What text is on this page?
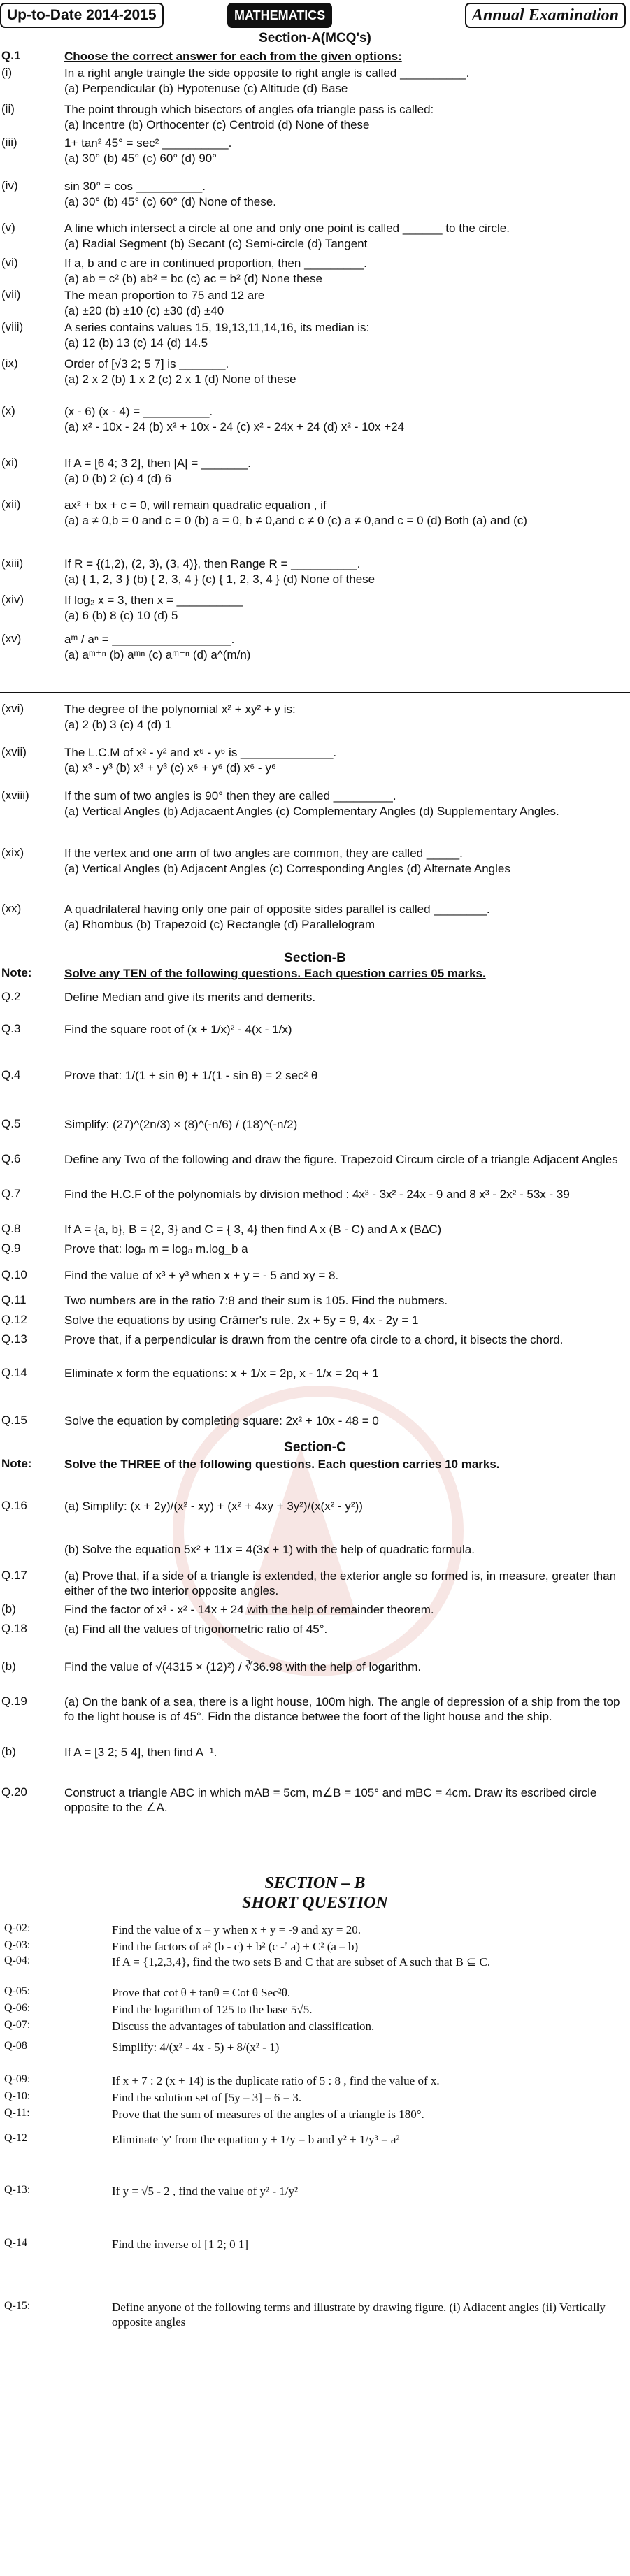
Up-to-Date 2014-2015	MATHEMATICS	Annual Examination
Section-A(MCQ's)
Q.1	Choose the correct answer for each from the given options:
(i)	In a right angle traingle the side opposite to right angle is called __________.
(a) Perpendicular (b) Hypotenuse (c) Altitude (d) Base
(ii)	The point through which bisectors of angles ofa triangle pass is called:
(a) Incentre (b) Orthocenter (c) Centroid (d) None of these
(iii)	1+ tan² 45° = sec² __________.
(a) 30° (b) 45° (c) 60° (d) 90°
(iv)	sin 30° = cos __________.
(a) 30° (b) 45° (c) 60° (d) None of these.
(v)	A line which intersect a circle at one and only one point is called ______ to the circle.
(a) Radial Segment (b) Secant (c) Semi-circle (d) Tangent
(vi)	If a, b and c are in continued proportion, then _________.
(a) ab = c² (b) ab² = bc (c) ac = b² (d) None these
(vii)	The mean proportion to 75 and 12 are
(a) ±20 (b) ±10 (c) ±30 (d) ±40
(viii)	A series contains values 15, 19,13,11,14,16, its median is:
(a) 12 (b) 13 (c) 14 (d) 14.5
(ix)	Order of [√3 2; 5 7] is _______.
(a) 2 x 2 (b) 1 x 2 (c) 2 x 1 (d) None of these
(x)	(x - 6) (x - 4) = __________.
(a) x² - 10x - 24 (b) x² + 10x - 24 (c) x² - 24x + 24 (d) x² - 10x +24
(xi)	If A = [6 4; 3 2], then |A| = _______.
(a) 0 (b) 2 (c) 4 (d) 6
(xii)	ax² + bx + c = 0, will remain quadratic equation , if
(a) a ≠ 0,b = 0 and c = 0 (b) a = 0, b ≠ 0,and c ≠ 0 (c) a ≠ 0,and c = 0 (d) Both (a) and (c)
(xiii)	If R = {(1,2), (2, 3), (3, 4)}, then Range R = __________.
(a) { 1, 2, 3 } (b) { 2, 3, 4 } (c) { 1, 2, 3, 4 } (d) None of these
(xiv)	If log₂ x = 3, then x = __________
(a) 6 (b) 8 (c) 10 (d) 5
(xv)	aᵐ / aⁿ = __________________.
(a) aᵐ⁺ⁿ (b) aᵐⁿ (c) aᵐ⁻ⁿ (d) a^(m/n)
(xvi)	The degree of the polynomial x² + xy² + y is:
(a) 2 (b) 3 (c) 4 (d) 1
(xvii)	The L.C.M of x² - y² and x⁶ - y⁶ is ______________.
(a) x³ - y³ (b) x³ + y³ (c) x⁶ + y⁶ (d) x⁶ - y⁶
(xviii)	If the sum of two angles is 90° then they are called _________.
(a) Vertical Angles (b) Adjacaent Angles (c) Complementary Angles (d) Supplementary Angles.
(xix)	If the vertex and one arm of two angles are common, they are called _____.
(a) Vertical Angles (b) Adjacent Angles (c) Corresponding Angles (d) Alternate Angles
(xx)	A quadrilateral having only one pair of opposite sides parallel is called ________.
(a) Rhombus (b) Trapezoid (c) Rectangle (d) Parallelogram
Section-B
Note:	Solve any TEN of the following questions. Each question carries 05 marks.
Q.2	Define Median and give its merits and demerits.
Q.3	Find the square root of (x + 1/x)² - 4(x - 1/x)
Q.4	Prove that: 1/(1 + sin θ) + 1/(1 - sin θ) = 2 sec² θ
Q.5	Simplify: (27)^(2n/3) × (8)^(-n/6) / (18)^(-n/2)
Q.6	Define any Two of the following and draw the figure. Trapezoid Circum circle of a triangle Adjacent Angles
Q.7	Find the H.C.F of the polynomials by division method : 4x³ - 3x² - 24x - 9 and 8 x³ - 2x² - 53x - 39
Q.8	If A = {a, b}, B = {2, 3} and C = { 3, 4} then find A x (B - C) and A x (B∆C)
Q.9	Prove that: logₐ m = logₐ m.log_b a
Q.10	Find the value of x³ + y³ when x + y = - 5 and xy = 8.
Q.11	Two numbers are in the ratio 7:8 and their sum is 105. Find the nubmers.
Q.12	Solve the equations by using Crāmer's rule. 2x + 5y = 9, 4x - 2y = 1
Q.13	Prove that, if a perpendicular is drawn from the centre ofa circle to a chord, it bisects the chord.
Q.14	Eliminate x form the equations: x + 1/x = 2p, x - 1/x = 2q + 1
Q.15	Solve the equation by completing square: 2x² + 10x - 48 = 0
Section-C
Note:	Solve the THREE of the following questions. Each question carries 10 marks.
Q.16	(a) Simplify: (x + 2y)/(x² - xy) + (x² + 4xy + 3y²)/(x(x² - y²))
(b) Solve the equation 5x² + 11x = 4(3x + 1) with the help of quadratic formula.
Q.17	(a) Prove that, if a side of a triangle is extended, the exterior angle so formed is, in measure, greater than either of the two interior opposite angles.
(b)	Find the factor of x³ - x² - 14x + 24 with the help of remainder theorem.
Q.18	(a) Find all the values of trigonometric ratio of 45°.
(b)	Find the value of √(4315 × (12)²) / ∛36.98 with the help of logarithm.
Q.19	(a) On the bank of a sea, there is a light house, 100m high. The angle of depression of a ship from the top fo the light house is of 45°. Fidn the distance betwee the foort of the light house and the ship.
(b)	If A = [3 2; 5 4], then find A⁻¹.
Q.20	Construct a triangle ABC in which mAB = 5cm, m∠B = 105° and mBC = 4cm. Draw its escribed circle opposite to the ∠A.
SECTION – B
SHORT QUESTION
Q-02:	Find the value of x – y when x + y = -9 and xy = 20.
Q-03:	Find the factors of a² (b - c) + b² (c -ª a) + C² (a – b)
Q-04:	If A = {1,2,3,4}, find the two sets B and C that are subset of A such that B ⊆ C.
Q-05:	Prove that cot θ + tanθ = Cot θ Sec²θ.
Q-06:	Find the logarithm of 125 to the base 5√5.
Q-07:	Discuss the advantages of tabulation and classification.
Q-08	Simplify: 4/(x² - 4x - 5) + 8/(x² - 1)
Q-09:	If x + 7 : 2 (x + 14) is the duplicate ratio of 5 : 8 , find the value of x.
Q-10:	Find the solution set of [5y – 3] – 6 = 3.
Q-11:	Prove that the sum of measures of the angles of a triangle is 180°.
Q-12	Eliminate 'y' from the equation y + 1/y = b and y² + 1/y³ = a²
Q-13:	If y = √5 - 2 , find the value of y² - 1/y²
Q-14	Find the inverse of [1 2; 0 1]
Q-15:	Define anyone of the following terms and illustrate by drawing figure. (i) Adiacent angles (ii) Vertically opposite angles
